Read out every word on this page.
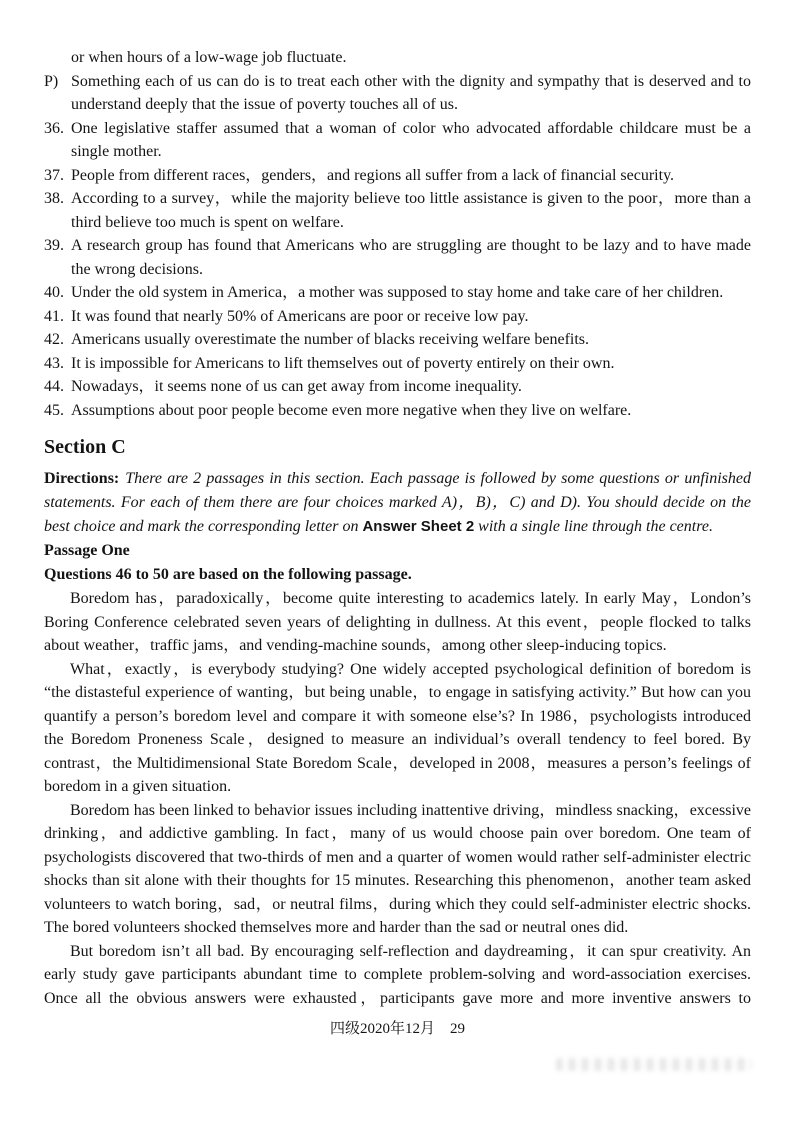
or when hours of a low-wage job fluctuate.
P) Something each of us can do is to treat each other with the dignity and sympathy that is deserved and to understand deeply that the issue of poverty touches all of us.
36. One legislative staffer assumed that a woman of color who advocated affordable childcare must be a single mother.
37. People from different races，genders，and regions all suffer from a lack of financial security.
38. According to a survey，while the majority believe too little assistance is given to the poor，more than a third believe too much is spent on welfare.
39. A research group has found that Americans who are struggling are thought to be lazy and to have made the wrong decisions.
40. Under the old system in America，a mother was supposed to stay home and take care of her children.
41. It was found that nearly 50% of Americans are poor or receive low pay.
42. Americans usually overestimate the number of blacks receiving welfare benefits.
43. It is impossible for Americans to lift themselves out of poverty entirely on their own.
44. Nowadays，it seems none of us can get away from income inequality.
45. Assumptions about poor people become even more negative when they live on welfare.
Section C

Directions: There are 2 passages in this section. Each passage is followed by some questions or unfinished statements. For each of them there are four choices marked A)，B)，C) and D). You should decide on the best choice and mark the corresponding letter on Answer Sheet 2 with a single line through the centre.

Passage One
Questions 46 to 50 are based on the following passage.

Boredom has，paradoxically，become quite interesting to academics lately. In early May，London’s Boring Conference celebrated seven years of delighting in dullness. At this event，people flocked to talks about weather，traffic jams，and vending-machine sounds，among other sleep-inducing topics.

What，exactly，is everybody studying? One widely accepted psychological definition of boredom is “the distasteful experience of wanting，but being unable，to engage in satisfying activity.” But how can you quantify a person’s boredom level and compare it with someone else’s? In 1986，psychologists introduced the Boredom Proneness Scale，designed to measure an individual’s overall tendency to feel bored. By contrast，the Multidimensional State Boredom Scale，developed in 2008，measures a person’s feelings of boredom in a given situation.

Boredom has been linked to behavior issues including inattentive driving，mindless snacking，excessive drinking，and addictive gambling. In fact，many of us would choose pain over boredom. One team of psychologists discovered that two-thirds of men and a quarter of women would rather self-administer electric shocks than sit alone with their thoughts for 15 minutes. Researching this phenomenon，another team asked volunteers to watch boring，sad，or neutral films，during which they could self-administer electric shocks. The bored volunteers shocked themselves more and harder than the sad or neutral ones did.

But boredom isn’t all bad. By encouraging self-reflection and daydreaming，it can spur creativity. An early study gave participants abundant time to complete problem-solving and word-association exercises. Once all the obvious answers were exhausted，participants gave more and more inventive answers to

四级2020年12月　29
